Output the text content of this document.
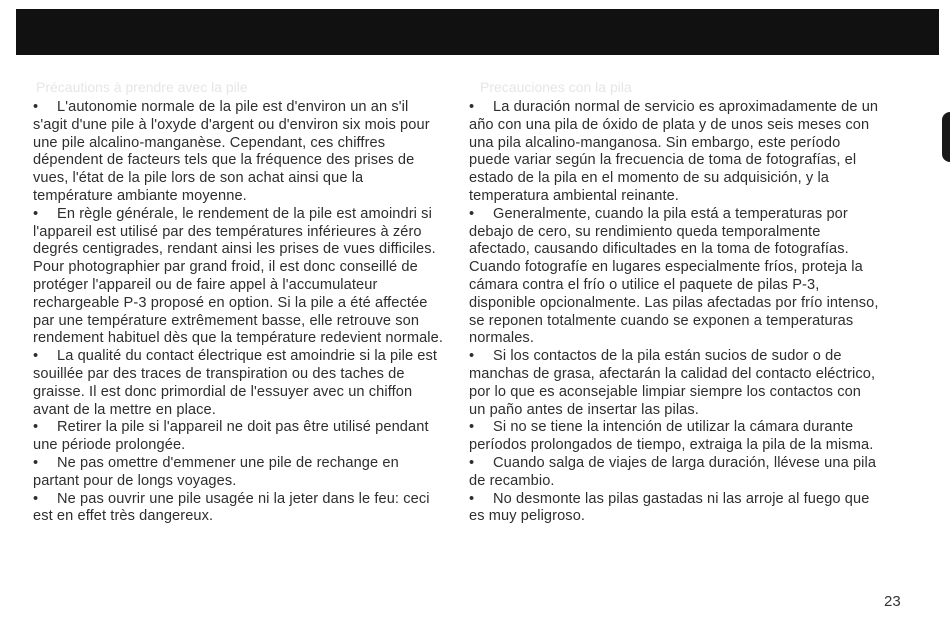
Précautions à prendre avec la pile	Precauciones con la pila

• L'autonomie normale de la pile est d'environ un an s'il s'agit d'une pile à l'oxyde d'argent ou d'environ six mois pour une pile alcalino-manganèse. Cependant, ces chiffres dépendent de facteurs tels que la fréquence des prises de vues, l'état de la pile lors de son achat ainsi que la température ambiante moyenne.

• En règle générale, le rendement de la pile est amoindri si l'appareil est utilisé par des températures inférieures à zéro degrés centigrades, rendant ainsi les prises de vues difficiles. Pour photographier par grand froid, il est donc conseillé de protéger l'appareil ou de faire appel à l'accumulateur rechargeable P-3 proposé en option. Si la pile a été affectée par une température extrêmement basse, elle retrouve son rendement habituel dès que la température redevient normale.

• La qualité du contact électrique est amoindrie si la pile est souillée par des traces de transpiration ou des taches de graisse. Il est donc primordial de l'essuyer avec un chiffon avant de la mettre en place.

• Retirer la pile si l'appareil ne doit pas être utilisé pendant une période prolongée.

• Ne pas omettre d'emmener une pile de rechange en partant pour de longs voyages.

• Ne pas ouvrir une pile usagée ni la jeter dans le feu: ceci est en effet très dangereux.

• La duración normal de servicio es aproximadamente de un año con una pila de óxido de plata y de unos seis meses con una pila alcalino-manganosa. Sin embargo, este período puede variar según la frecuencia de toma de fotografías, el estado de la pila en el momento de su adquisición, y la temperatura ambiental reinante.

• Generalmente, cuando la pila está a temperaturas por debajo de cero, su rendimiento queda temporalmente afectado, causando dificultades en la toma de fotografías. Cuando fotografíe en lugares especialmente fríos, proteja la cámara contra el frío o utilice el paquete de pilas P-3, disponible opcionalmente. Las pilas afectadas por frío intenso, se reponen totalmente cuando se exponen a temperaturas normales.

• Si los contactos de la pila están sucios de sudor o de manchas de grasa, afectarán la calidad del contacto eléctrico, por lo que es aconsejable limpiar siempre los contactos con un paño antes de insertar las pilas.

• Si no se tiene la intención de utilizar la cámara durante períodos prolongados de tiempo, extraiga la pila de la misma.

• Cuando salga de viajes de larga duración, llévese una pila de recambio.

• No desmonte las pilas gastadas ni las arroje al fuego que es muy peligroso.

23
